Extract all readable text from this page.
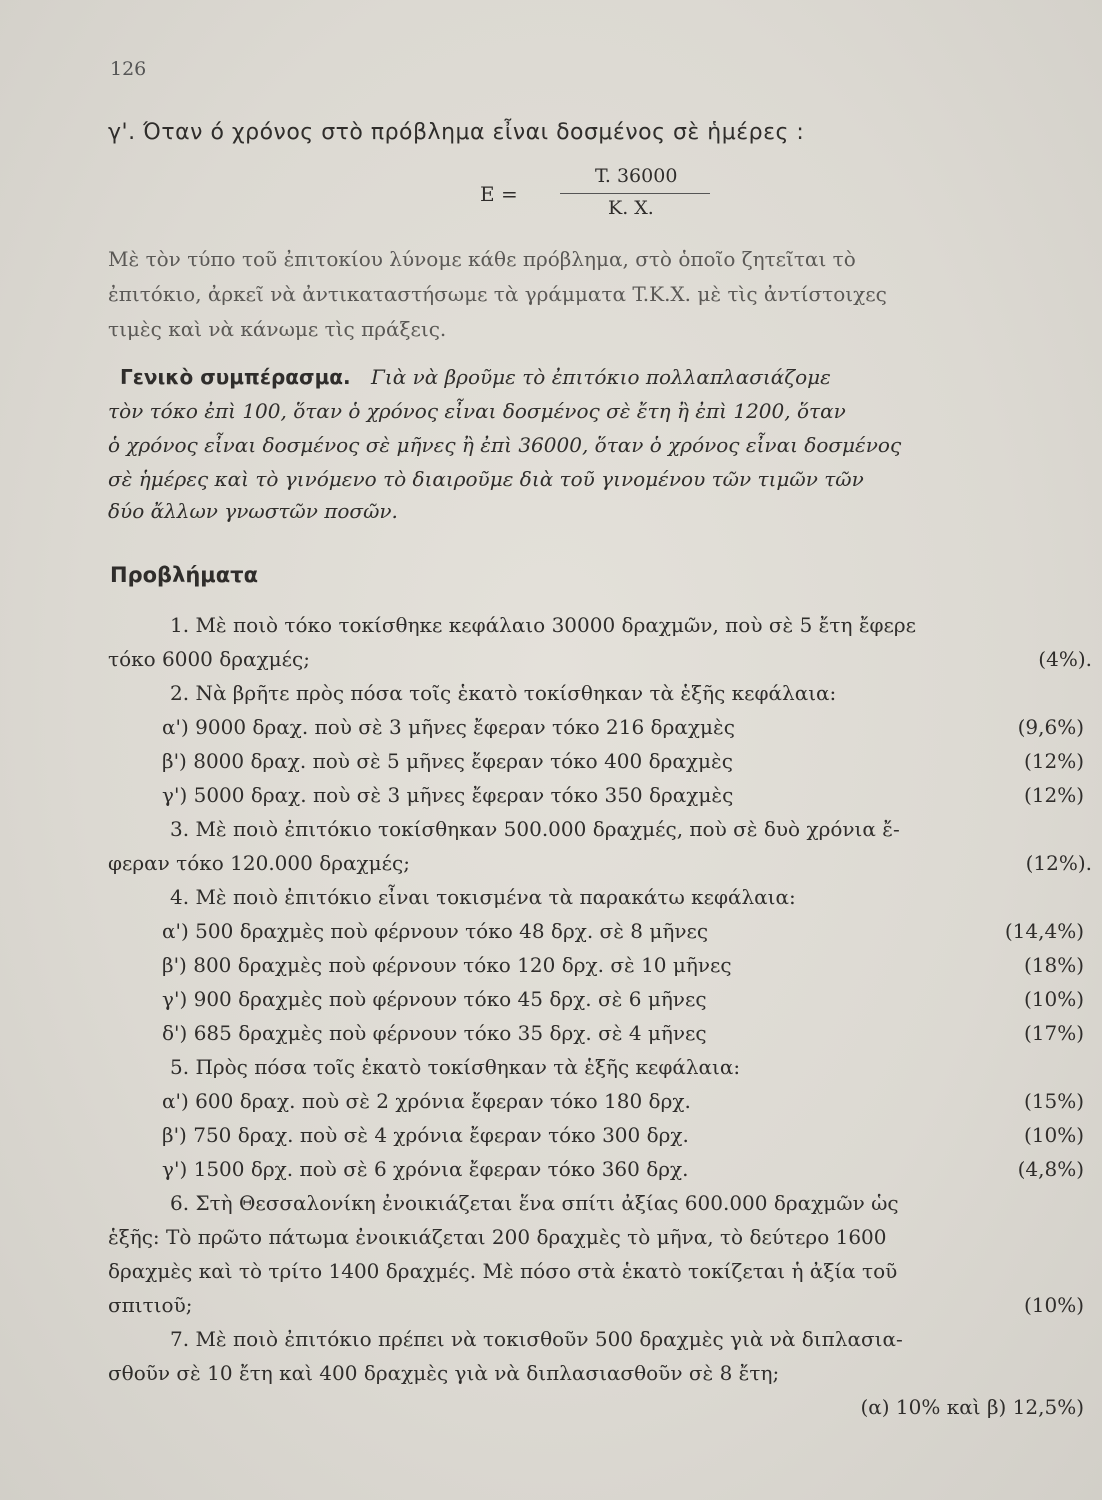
126
γ'. Όταν ό χρόνος στὸ πρόβλημα εἶναι δοσμένος σὲ ἡμέρες :
E =
T. 36000
K. X.
Μὲ τὸν τύπο τοῦ ἐπιτοκίου λύνομε κάθε πρόβλημα, στὸ ὁποῖο ζητεῖται τὸ
ἐπιτόκιο, ἀρκεῖ νὰ ἀντικαταστήσωμε τὰ γράμματα T.K.X. μὲ τὶς ἀντίστοιχες
τιμὲς καὶ νὰ κάνωμε τὶς πράξεις.
Γενικὸ συμπέρασμα. Γιὰ νὰ βροῦμε τὸ ἐπιτόκιο πολλαπλασιάζομε
τὸν τόκο ἐπὶ 100, ὅταν ὁ χρόνος εἶναι δοσμένος σὲ ἔτη ἢ ἐπὶ 1200, ὅταν
ὁ χρόνος εἶναι δοσμένος σὲ μῆνες ἢ ἐπὶ 36000, ὅταν ὁ χρόνος εἶναι δοσμένος
σὲ ἡμέρες καὶ τὸ γινόμενο τὸ διαιροῦμε διὰ τοῦ γινομένου τῶν τιμῶν τῶν
δύο ἄλλων γνωστῶν ποσῶν.
Προβλήματα
1. Μὲ ποιὸ τόκο τοκίσθηκε κεφάλαιο 30000 δραχμῶν, ποὺ σὲ 5 ἔτη ἔφερε
τόκο 6000 δραχμές;	(4%).
2. Νὰ βρῆτε πρὸς πόσα τοῖς ἑκατὸ τοκίσθηκαν τὰ ἑξῆς κεφάλαια:
α') 9000 δραχ. ποὺ σὲ 3 μῆνες ἔφεραν τόκο 216 δραχμὲς	(9,6%)
β') 8000 δραχ. ποὺ σὲ 5 μῆνες ἔφεραν τόκο 400 δραχμὲς	(12%)
γ') 5000 δραχ. ποὺ σὲ 3 μῆνες ἔφεραν τόκο 350 δραχμὲς	(12%)
3. Μὲ ποιὸ ἐπιτόκιο τοκίσθηκαν 500.000 δραχμές, ποὺ σὲ δυὸ χρόνια ἔ-
φεραν τόκο 120.000 δραχμές;	(12%).
4. Μὲ ποιὸ ἐπιτόκιο εἶναι τοκισμένα τὰ παρακάτω κεφάλαια:
α') 500 δραχμὲς ποὺ φέρνουν τόκο 48 δρχ. σὲ 8 μῆνες	(14,4%)
β') 800 δραχμὲς ποὺ φέρνουν τόκο 120 δρχ. σὲ 10 μῆνες	(18%)
γ') 900 δραχμὲς ποὺ φέρνουν τόκο 45 δρχ. σὲ 6 μῆνες	(10%)
δ') 685 δραχμὲς ποὺ φέρνουν τόκο 35 δρχ. σὲ 4 μῆνες	(17%)
5. Πρὸς πόσα τοῖς ἑκατὸ τοκίσθηκαν τὰ ἑξῆς κεφάλαια:
α') 600 δραχ. ποὺ σὲ 2 χρόνια ἔφεραν τόκο 180 δρχ.	(15%)
β') 750 δραχ. ποὺ σὲ 4 χρόνια ἔφεραν τόκο 300 δρχ.	(10%)
γ') 1500 δρχ. ποὺ σὲ 6 χρόνια ἔφεραν τόκο 360 δρχ.	(4,8%)
6. Στὴ Θεσσαλονίκη ἐνοικιάζεται ἕνα σπίτι ἀξίας 600.000 δραχμῶν ὡς
ἑξῆς: Τὸ πρῶτο πάτωμα ἐνοικιάζεται 200 δραχμὲς τὸ μῆνα, τὸ δεύτερο 1600
δραχμὲς καὶ τὸ τρίτο 1400 δραχμές. Μὲ πόσο στὰ ἑκατὸ τοκίζεται ἡ ἀξία τοῦ
σπιτιοῦ;	(10%)
7. Μὲ ποιὸ ἐπιτόκιο πρέπει νὰ τοκισθοῦν 500 δραχμὲς γιὰ νὰ διπλασια-
σθοῦν σὲ 10 ἔτη καὶ 400 δραχμὲς γιὰ νὰ διπλασιασθοῦν σὲ 8 ἔτη;
(α) 10% καὶ β) 12,5%)
